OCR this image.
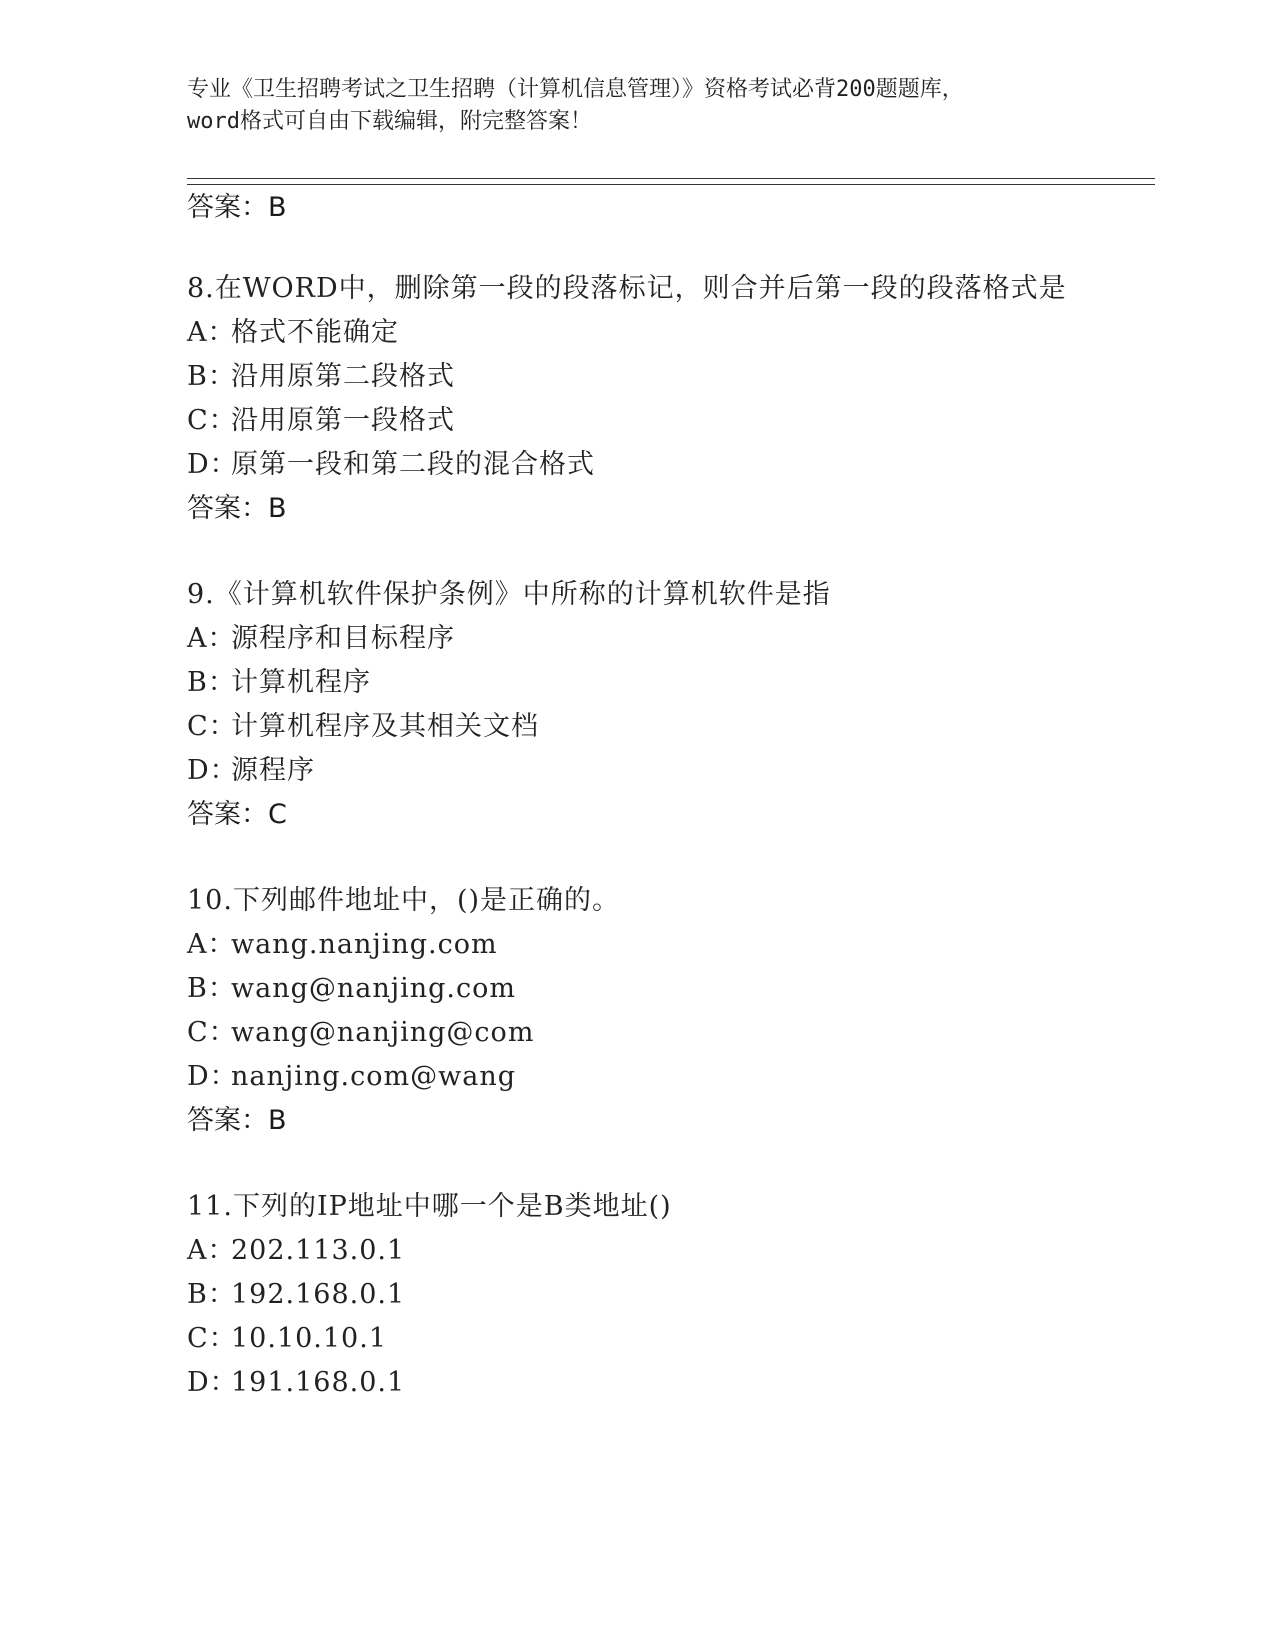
专业《卫生招聘考试之卫生招聘（计算机信息管理）》资格考试必背200题题库，
word格式可自由下载编辑，附完整答案！
答案：B
8.在WORD中，删除第一段的段落标记，则合并后第一段的段落格式是
A：格式不能确定
B：沿用原第二段格式
C：沿用原第一段格式
D：原第一段和第二段的混合格式
答案：B
9.《计算机软件保护条例》中所称的计算机软件是指
A：源程序和目标程序
B：计算机程序
C：计算机程序及其相关文档
D：源程序
答案：C
10.下列邮件地址中，()是正确的。
A：wang.nanjing.com
B：wang@nanjing.com
C：wang@nanjing@com
D：nanjing.com@wang
答案：B
11.下列的IP地址中哪一个是B类地址()
A：202.113.0.1
B：192.168.0.1
C：10.10.10.1
D：191.168.0.1
